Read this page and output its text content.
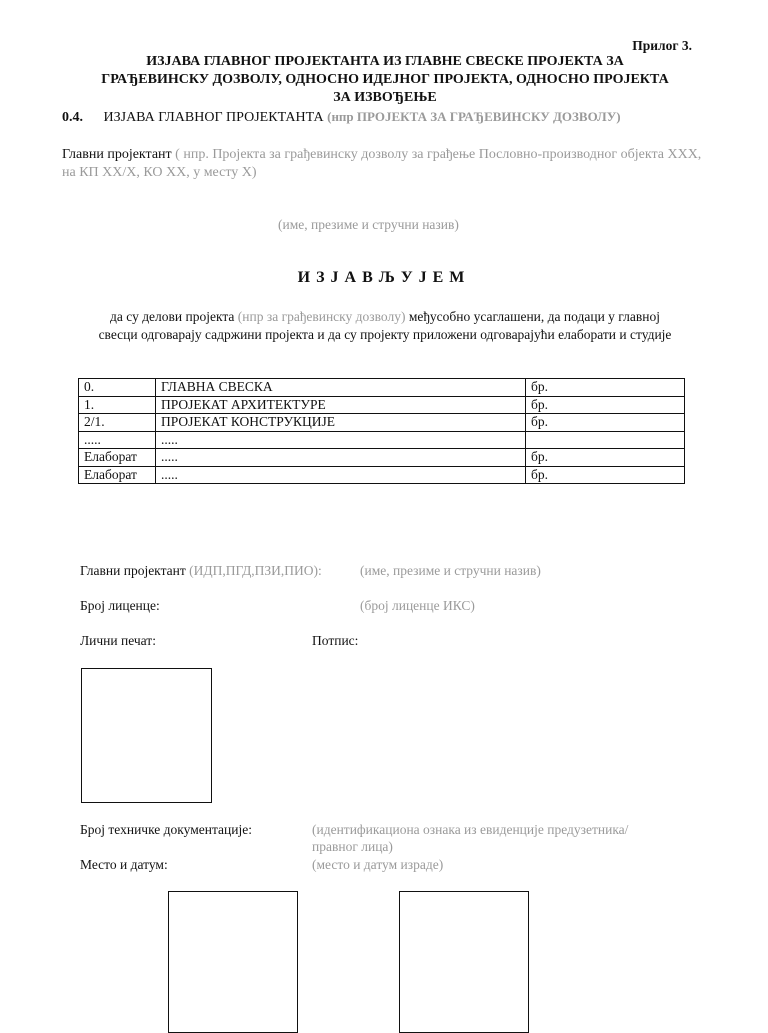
Прилог 3.
ИЗЈАВА ГЛАВНОГ ПРОЈЕКТАНТА ИЗ ГЛАВНЕ СВЕСКЕ ПРОЈЕКТА ЗА
ГРАЂЕВИНСКУ ДОЗВОЛУ, ОДНОСНО ИДЕЈНОГ ПРОЈЕКТА, ОДНОСНО ПРОЈЕКТА
ЗА ИЗВОЂЕЊЕ
0.4. ИЗЈАВА ГЛАВНОГ ПРОЈЕКТАНТА (нпр ПРОЈЕКТА ЗА ГРАЂЕВИНСКУ ДОЗВОЛУ)
Главни пројектант ( нпр. Пројекта за грађевинску дозволу за грађење Пословно-производног објекта ХХХ, на КП ХХ/Х, КО ХХ, у месту Х)
(име, презиме и стручни назив)
ИЗЈАВЉУЈЕМ
да су делови пројекта (нпр за грађевинску дозволу) међусобно усаглашени, да подаци у главној свесци одговарају садржини пројекта и да су пројекту приложени одговарајући елаборати и студије
0.	ГЛАВНА СВЕСКА	бр.
1.	ПРОЈЕКАТ АРХИТЕКТУРЕ	бр.
2/1.	ПРОЈЕКАТ КОНСТРУКЦИЈЕ	бр.
.....	.....	
Елаборат	.....	бр.
Елаборат	.....	бр.
Главни пројектант (ИДП,ПГД,ПЗИ,ПИО):	(име, презиме и стручни назив)
Број лиценце:	(број лиценце ИКС)
Лични печат:	Потпис:
Број техничке документације:	(идентификациона ознака из евиденције предузетника/
правног лица)
Место и датум:	(место и датум израде)
